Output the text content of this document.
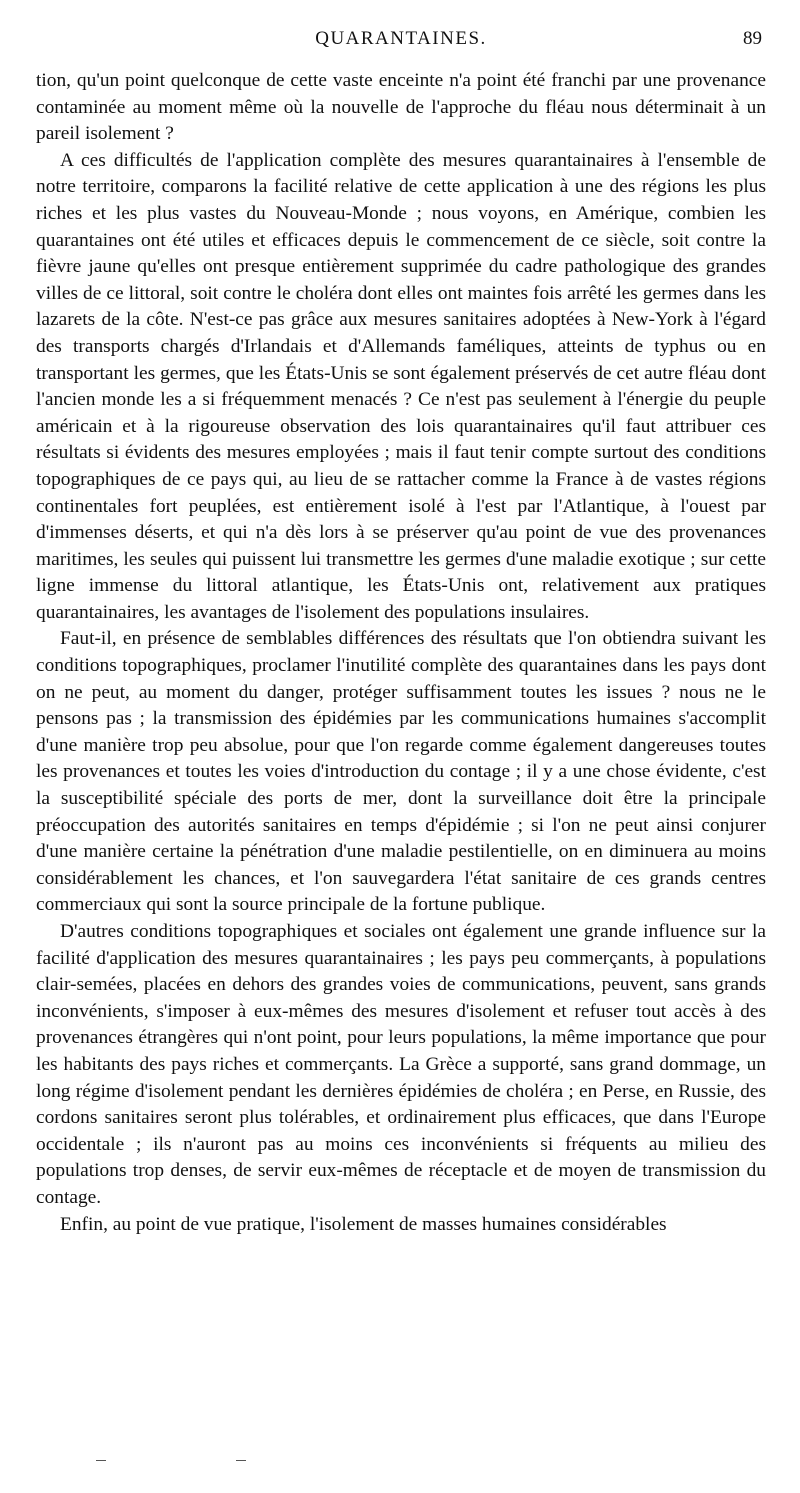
QUARANTAINES.	89

tion, qu'un point quelconque de cette vaste enceinte n'a point été franchi par une provenance contaminée au moment même où la nouvelle de l'approche du fléau nous déterminait à un pareil isolement ?

A ces difficultés de l'application complète des mesures quarantainaires à l'ensemble de notre territoire, comparons la facilité relative de cette application à une des régions les plus riches et les plus vastes du Nouveau-Monde ; nous voyons, en Amérique, combien les quarantaines ont été utiles et efficaces depuis le commencement de ce siècle, soit contre la fièvre jaune qu'elles ont presque entièrement supprimée du cadre pathologique des grandes villes de ce littoral, soit contre le choléra dont elles ont maintes fois arrêté les germes dans les lazarets de la côte. N'est-ce pas grâce aux mesures sanitaires adoptées à New-York à l'égard des transports chargés d'Irlandais et d'Allemands faméliques, atteints de typhus ou en transportant les germes, que les États-Unis se sont également préservés de cet autre fléau dont l'ancien monde les a si fréquemment menacés ? Ce n'est pas seulement à l'énergie du peuple américain et à la rigoureuse observation des lois quarantainaires qu'il faut attribuer ces résultats si évidents des mesures employées ; mais il faut tenir compte surtout des conditions topographiques de ce pays qui, au lieu de se rattacher comme la France à de vastes régions continentales fort peuplées, est entièrement isolé à l'est par l'Atlantique, à l'ouest par d'immenses déserts, et qui n'a dès lors à se préserver qu'au point de vue des provenances maritimes, les seules qui puissent lui transmettre les germes d'une maladie exotique ; sur cette ligne immense du littoral atlantique, les États-Unis ont, relativement aux pratiques quarantainaires, les avantages de l'isolement des populations insulaires.

Faut-il, en présence de semblables différences des résultats que l'on obtiendra suivant les conditions topographiques, proclamer l'inutilité complète des quarantaines dans les pays dont on ne peut, au moment du danger, protéger suffisamment toutes les issues ? nous ne le pensons pas ; la transmission des épidémies par les communications humaines s'accomplit d'une manière trop peu absolue, pour que l'on regarde comme également dangereuses toutes les provenances et toutes les voies d'introduction du contage ; il y a une chose évidente, c'est la susceptibilité spéciale des ports de mer, dont la surveillance doit être la principale préoccupation des autorités sanitaires en temps d'épidémie ; si l'on ne peut ainsi conjurer d'une manière certaine la pénétration d'une maladie pestilentielle, on en diminuera au moins considérablement les chances, et l'on sauvegardera l'état sanitaire de ces grands centres commerciaux qui sont la source principale de la fortune publique.

D'autres conditions topographiques et sociales ont également une grande influence sur la facilité d'application des mesures quarantainaires ; les pays peu commerçants, à populations clair-semées, placées en dehors des grandes voies de communications, peuvent, sans grands inconvénients, s'imposer à eux-mêmes des mesures d'isolement et refuser tout accès à des provenances étrangères qui n'ont point, pour leurs populations, la même importance que pour les habitants des pays riches et commerçants. La Grèce a supporté, sans grand dommage, un long régime d'isolement pendant les dernières épidémies de choléra ; en Perse, en Russie, des cordons sanitaires seront plus tolérables, et ordinairement plus efficaces, que dans l'Europe occidentale ; ils n'auront pas au moins ces inconvénients si fréquents au milieu des populations trop denses, de servir eux-mêmes de réceptacle et de moyen de transmission du contage.

Enfin, au point de vue pratique, l'isolement de masses humaines considérables
